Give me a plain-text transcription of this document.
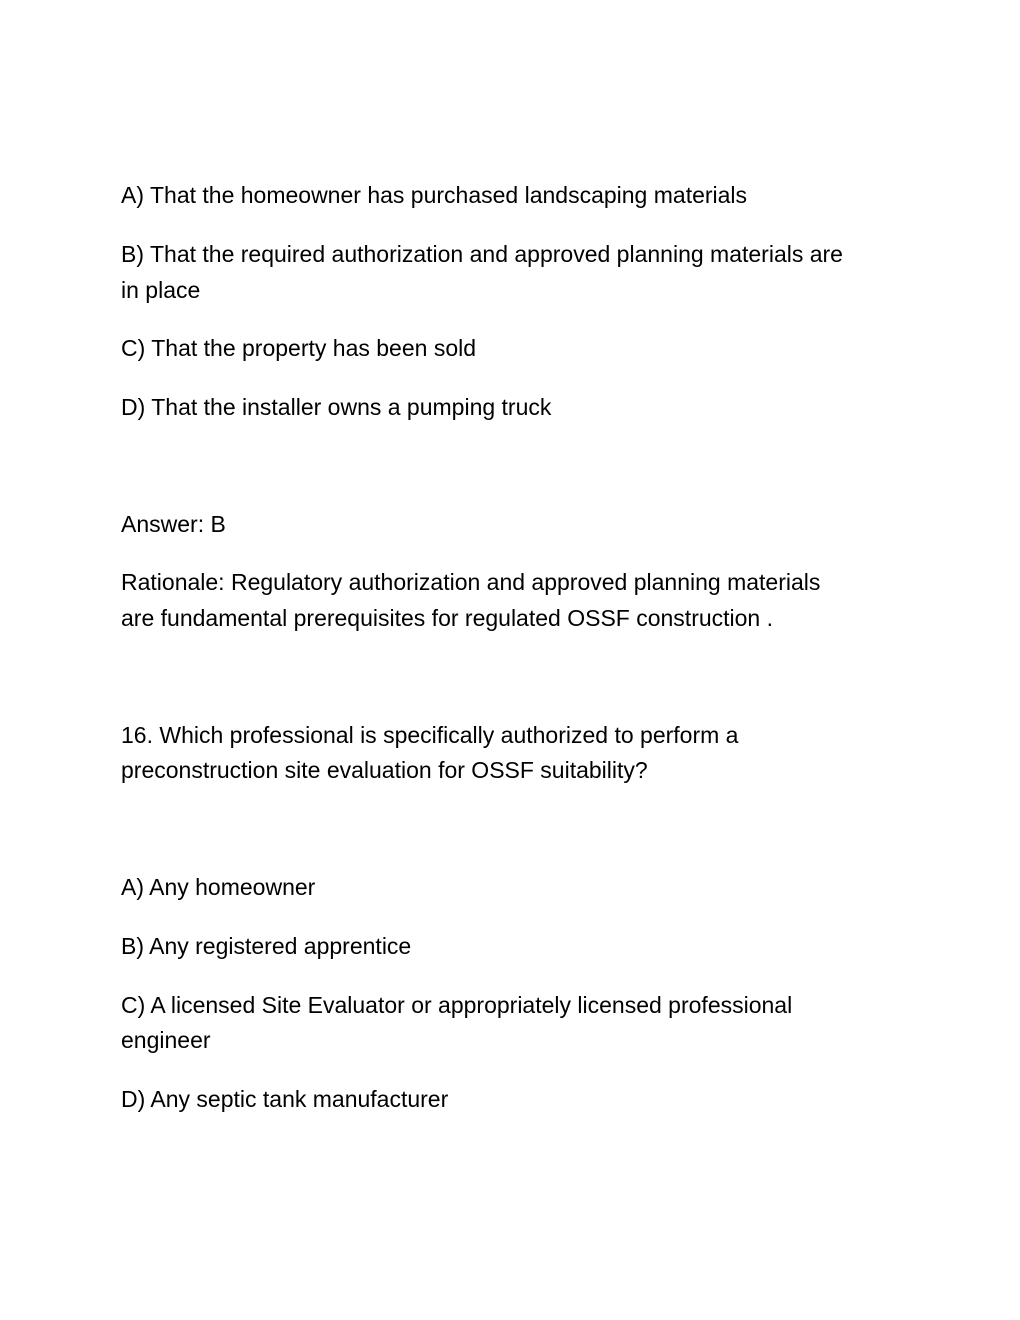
A) That the homeowner has purchased landscaping materials

B) That the required authorization and approved planning materials are

in place

C) That the property has been sold

D) That the installer owns a pumping truck

Answer: B

Rationale: Regulatory authorization and approved planning materials

are fundamental prerequisites for regulated OSSF construction .

16. Which professional is specifically authorized to perform a

preconstruction site evaluation for OSSF suitability?

A) Any homeowner

B) Any registered apprentice

C) A licensed Site Evaluator or appropriately licensed professional

engineer

D) Any septic tank manufacturer
